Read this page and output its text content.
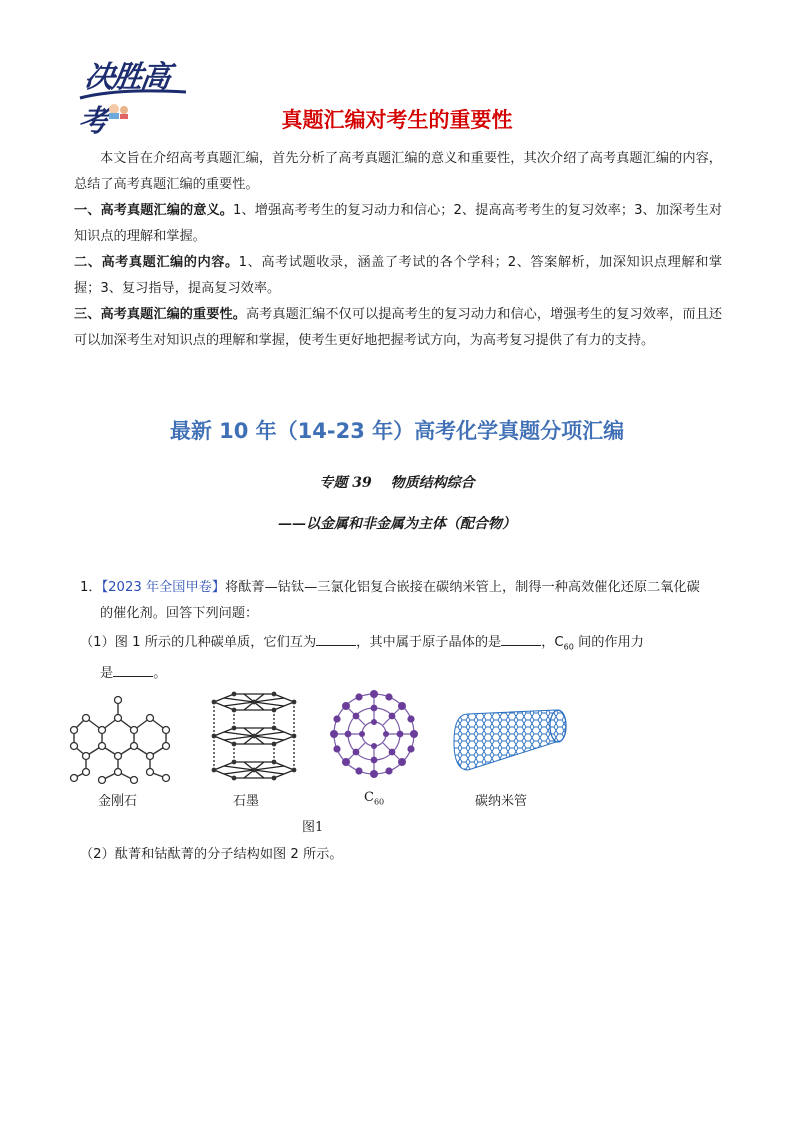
决胜高考	真题汇编对考生的重要性
本文旨在介绍高考真题汇编，首先分析了高考真题汇编的意义和重要性，其次介绍了高考真题汇编的内容，总结了高考真题汇编的重要性。
一、高考真题汇编的意义。1、增强高考考生的复习动力和信心；2、提高高考考生的复习效率；3、加深考生对知识点的理解和掌握。
二、高考真题汇编的内容。1、高考试题收录，涵盖了考试的各个学科；2、答案解析，加深知识点理解和掌握；3、复习指导，提高复习效率。
三、高考真题汇编的重要性。高考真题汇编不仅可以提高考生的复习动力和信心，增强考生的复习效率，而且还可以加深考生对知识点的理解和掌握，使考生更好地把握考试方向，为高考复习提供了有力的支持。
最新 10 年（14-23 年）高考化学真题分项汇编
专题 39　 物质结构综合
——以金属和非金属为主体（配合物）
1．【2023 年全国甲卷】将酞菁—钴钛—三氯化铝复合嵌接在碳纳米管上，制得一种高效催化还原二氧化碳
的催化剂。回答下列问题：
（1）图 1 所示的几种碳单质，它们互为	，其中属于原子晶体的是	，$C_{60}$ 间的作用力
是	。
金刚石	石墨	$C_{60}$	碳纳米管
图1
（2）酞菁和钴酞菁的分子结构如图 2 所示。
